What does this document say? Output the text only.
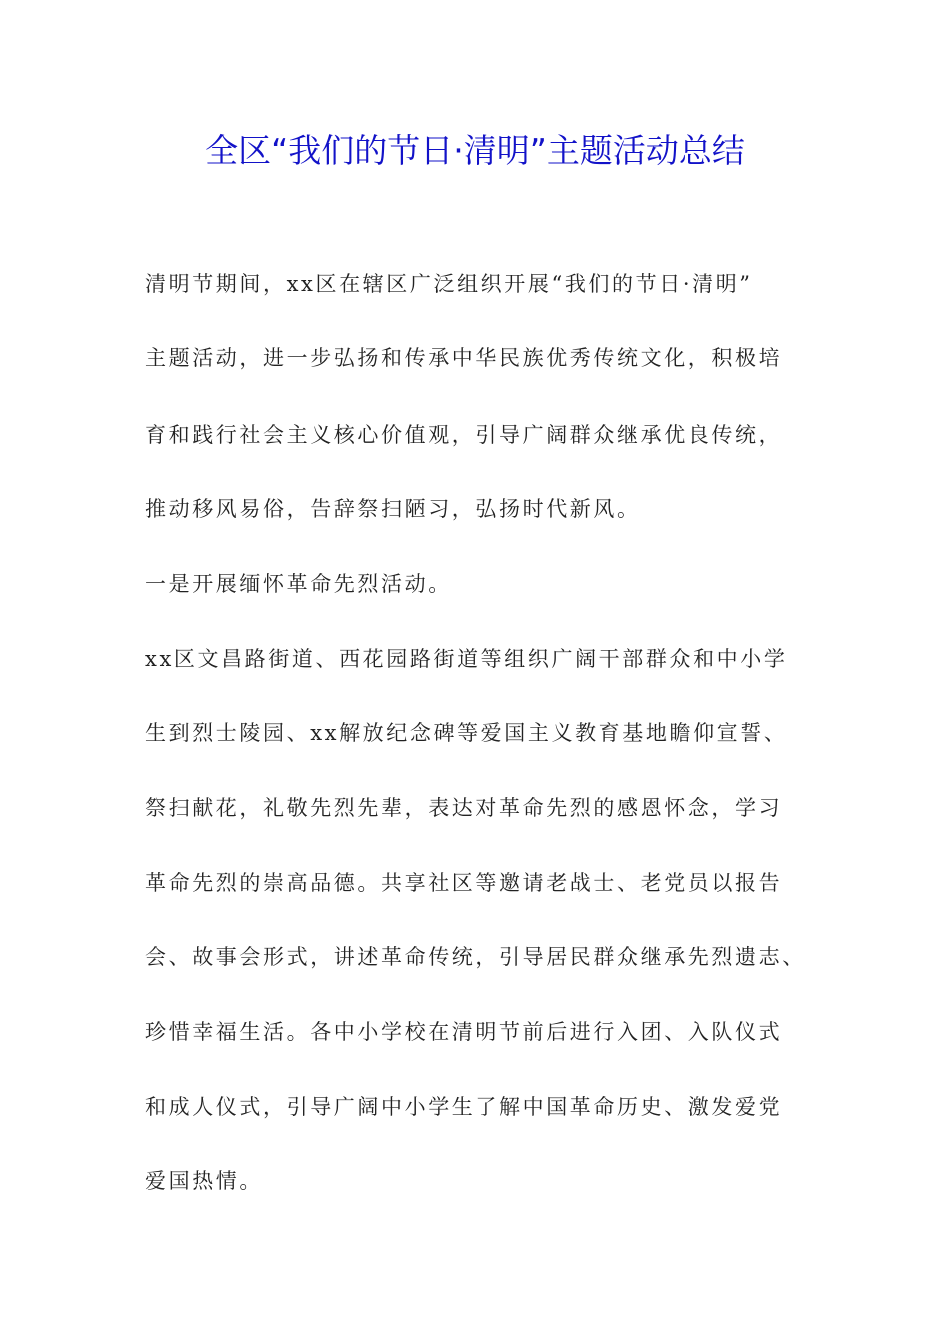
全区“我们的节日·清明”主题活动总结
清明节期间，xx区在辖区广泛组织开展“我们的节日·清明”
主题活动，进一步弘扬和传承中华民族优秀传统文化，积极培
育和践行社会主义核心价值观，引导广阔群众继承优良传统，
推动移风易俗，告辞祭扫陋习，弘扬时代新风。
一是开展缅怀革命先烈活动。
xx区文昌路街道、西花园路街道等组织广阔干部群众和中小学
生到烈士陵园、xx解放纪念碑等爱国主义教育基地瞻仰宣誓、
祭扫献花，礼敬先烈先辈，表达对革命先烈的感恩怀念，学习
革命先烈的崇高品德。共享社区等邀请老战士、老党员以报告
会、故事会形式，讲述革命传统，引导居民群众继承先烈遗志、
珍惜幸福生活。各中小学校在清明节前后进行入团、入队仪式
和成人仪式，引导广阔中小学生了解中国革命历史、激发爱党
爱国热情。
